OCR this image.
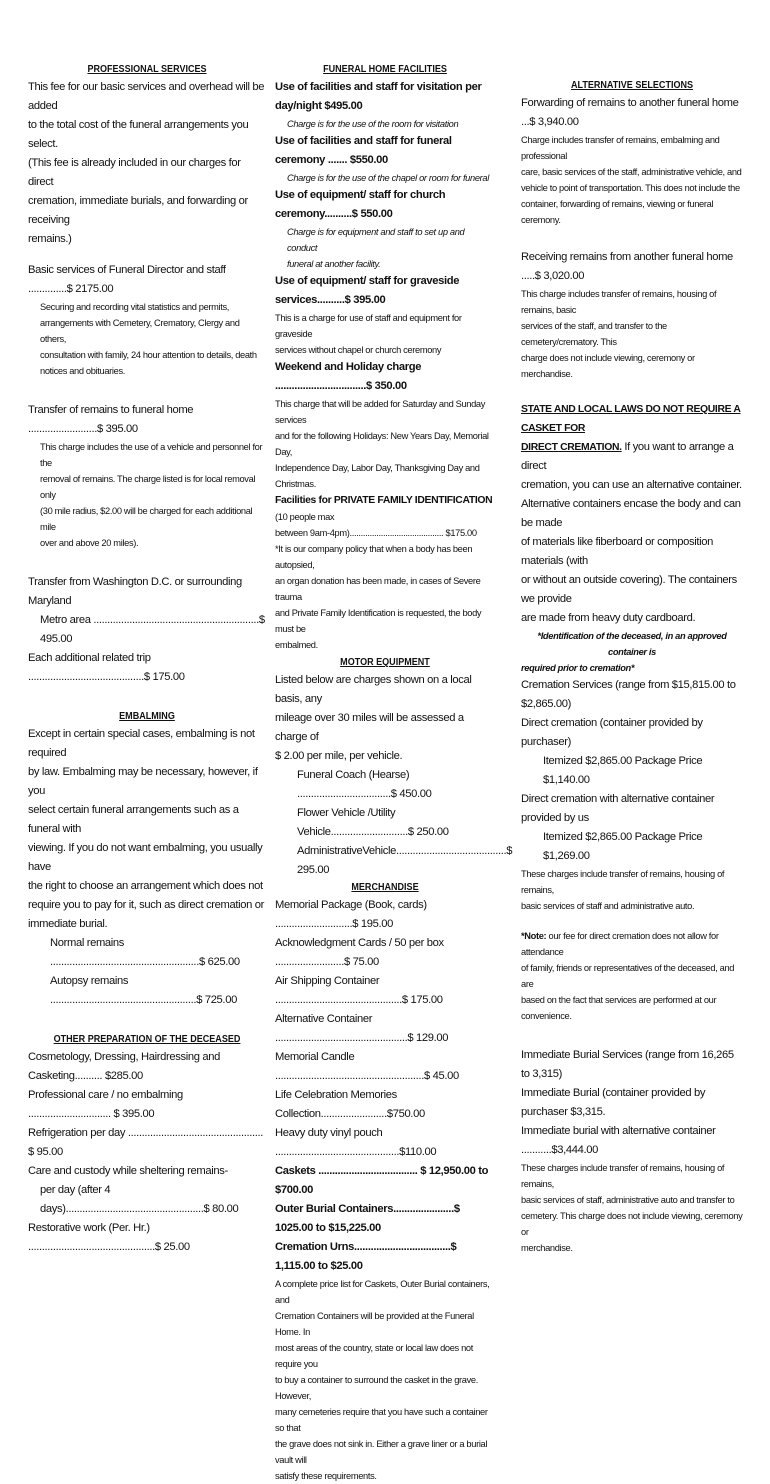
PROFESSIONAL SERVICES

This fee for our basic services and overhead will be added

to the total cost of the funeral arrangements you select.

(This fee is already included in our charges for direct

cremation, immediate burials, and forwarding or receiving

remains.)

Basic services of Funeral Director and staff ..............$ 2175.00

Securing and recording vital statistics and permits,

arrangements with Cemetery, Crematory, Clergy and others,

consultation with family, 24 hour attention to details, death

notices and obituaries.

Transfer of remains to funeral home .........................$ 395.00

This charge includes the use of a vehicle and personnel for the

removal of remains. The charge listed is for local removal only

(30 mile radius, $2.00 will be charged for each additional mile

over and above 20 miles).

Transfer from Washington D.C. or surrounding Maryland

Metro area ............................................................$ 495.00

Each additional related trip ..........................................$ 175.00

EMBALMING

Except in certain special cases, embalming is not required

by law. Embalming may be necessary, however, if you

select certain funeral arrangements such as a funeral with

viewing. If you do not want embalming, you usually have

the right to choose an arrangement which does not

require you to pay for it, such as direct cremation or

immediate burial.

Normal remains ......................................................$ 625.00

Autopsy remains .....................................................$ 725.00

OTHER PREPARATION OF THE DECEASED

Cosmetology, Dressing, Hairdressing and Casketing.......... $285.00

Professional care / no embalming .............................. $ 395.00

Refrigeration per day ................................................. $ 95.00

Care and custody while sheltering remains-

per day (after 4 days)..................................................$ 80.00

Restorative work (Per. Hr.) ..............................................$ 25.00

FUNERAL HOME FACILITIES

Use of facilities and staff for visitation per day/night $495.00

Charge is for the use of the room for visitation

Use of facilities and staff for funeral ceremony ....... $550.00

Charge is for the use of the chapel or room for funeral

Use of equipment/ staff for church ceremony..........$ 550.00

Charge is for equipment and staff to set up and conduct

funeral at another facility.

Use of equipment/ staff for graveside services..........$ 395.00

This is a charge for use of staff and equipment for graveside

services without chapel or church ceremony

Weekend and Holiday charge .................................$ 350.00

This charge that will be added for Saturday and Sunday services

and for the following Holidays: New Years Day, Memorial Day,

Independence Day, Labor Day, Thanksgiving Day and Christmas.

Facilities for PRIVATE FAMILY IDENTIFICATION (10 people max

between 9am-4pm).......................................... $175.00

*It is our company policy that when a body has been autopsied,

an organ donation has been made, in cases of Severe trauma

and Private Family Identification is requested, the body must be

embalmed.

MOTOR EQUIPMENT

Listed below are charges shown on a local basis, any

mileage over 30 miles will be assessed a charge of

$ 2.00 per mile, per vehicle.

Funeral Coach (Hearse) ..................................$ 450.00

Flower Vehicle /Utility Vehicle............................$ 250.00

AdministrativeVehicle........................................$ 295.00

MERCHANDISE

Memorial Package (Book, cards) ............................$ 195.00

Acknowledgment Cards / 50 per box .........................$ 75.00

Air Shipping Container ..............................................$ 175.00

Alternative Container ................................................$ 129.00

Memorial Candle ......................................................$ 45.00

Life Celebration Memories Collection........................$750.00

Heavy duty vinyl pouch .............................................$110.00

Caskets .................................... $ 12,950.00 to $700.00

Outer Burial Containers......................$ 1025.00 to $15,225.00

Cremation Urns...................................$ 1,115.00 to $25.00

A complete price list for Caskets, Outer Burial containers, and

Cremation Containers will be provided at the Funeral Home. In

most areas of the country, state or local law does not require you

to buy a container to surround the casket in the grave. However,

many cemeteries require that you have such a container so that

the grave does not sink in. Either a grave liner or a burial vault will

satisfy these requirements.

ALTERNATIVE SELECTIONS

Forwarding of remains to another funeral home ...$ 3,940.00

Charge includes transfer of remains, embalming and professional

care, basic services of the staff, administrative vehicle, and

vehicle to point of transportation. This does not include the

container, forwarding of remains, viewing or funeral ceremony.

Receiving remains from another funeral home .....$ 3,020.00

This charge includes transfer of remains, housing of remains, basic

services of the staff, and transfer to the cemetery/crematory. This

charge does not include viewing, ceremony or merchandise.

STATE AND LOCAL LAWS DO NOT REQUIRE A CASKET FOR

DIRECT CREMATION. If you want to arrange a direct

cremation, you can use an alternative container.

Alternative containers encase the body and can be made

of materials like fiberboard or composition materials (with

or without an outside covering). The containers we provide

are made from heavy duty cardboard.

*Identification of the deceased, in an approved container is

required prior to cremation*

Cremation Services (range from $15,815.00 to $2,865.00)

Direct cremation (container provided by purchaser)

Itemized $2,865.00 Package Price $1,140.00

Direct cremation with alternative container provided by us

Itemized $2,865.00 Package Price $1,269.00

These charges include transfer of remains, housing of remains,

basic services of staff and administrative auto.

*Note: our fee for direct cremation does not allow for attendance

of family, friends or representatives of the deceased, and are

based on the fact that services are performed at our

convenience.

Immediate Burial Services (range from 16,265 to 3,315)

Immediate Burial (container provided by purchaser $3,315.

Immediate burial with alternative container ...........$3,444.00

These charges include transfer of remains, housing of remains,

basic services of staff, administrative auto and transfer to

cemetery. This charge does not include viewing, ceremony or

merchandise.
